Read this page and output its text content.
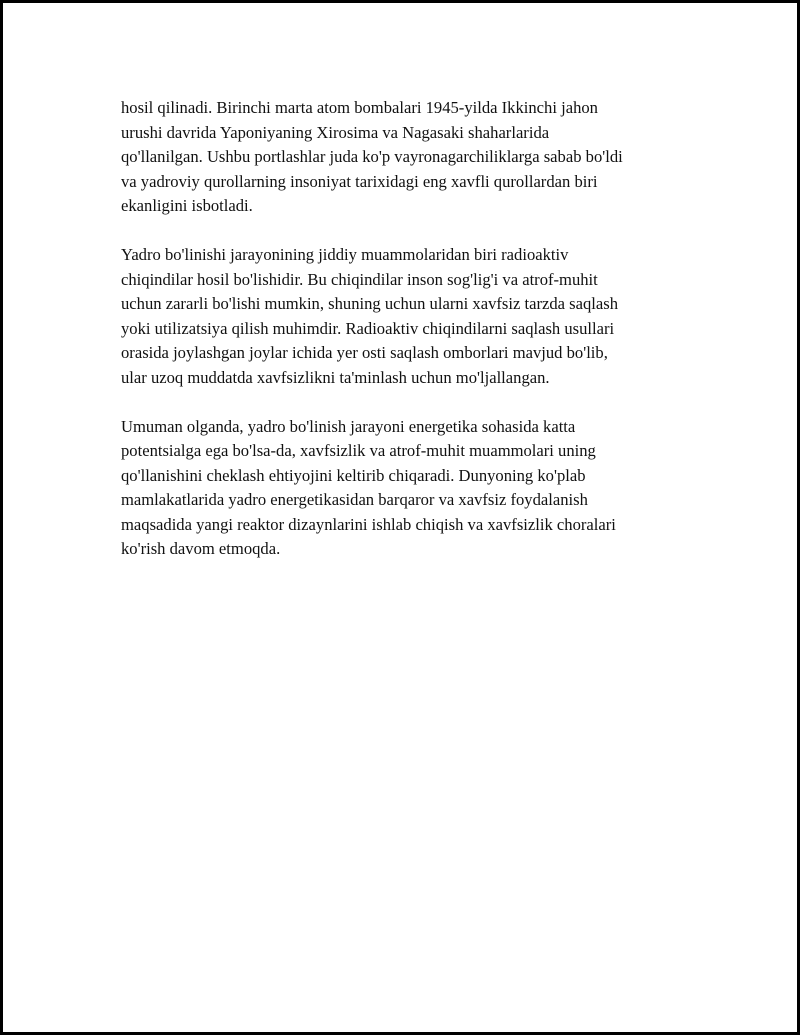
hosil qilinadi. Birinchi marta atom bombalari 1945-yilda Ikkinchi jahon
urushi davrida Yaponiyaning Xirosima va Nagasaki shaharlarida
qo'llanilgan. Ushbu portlashlar juda ko'p vayronagarchiliklarga sabab bo'ldi
va yadroviy qurollarning insoniyat tarixidagi eng xavfli qurollardan biri
ekanligini isbotladi.

Yadro bo'linishi jarayonining jiddiy muammolaridan biri radioaktiv
chiqindilar hosil bo'lishidir. Bu chiqindilar inson sog'lig'i va atrof-muhit
uchun zararli bo'lishi mumkin, shuning uchun ularni xavfsiz tarzda saqlash
yoki utilizatsiya qilish muhimdir. Radioaktiv chiqindilarni saqlash usullari
orasida joylashgan joylar ichida yer osti saqlash omborlari mavjud bo'lib,
ular uzoq muddatda xavfsizlikni ta'minlash uchun mo'ljallangan.

Umuman olganda, yadro bo'linish jarayoni energetika sohasida katta
potentsialga ega bo'lsa-da, xavfsizlik va atrof-muhit muammolari uning
qo'llanishini cheklash ehtiyojini keltirib chiqaradi. Dunyoning ko'plab
mamlakatlarida yadro energetikasidan barqaror va xavfsiz foydalanish
maqsadida yangi reaktor dizaynlarini ishlab chiqish va xavfsizlik choralari
ko'rish davom etmoqda.
